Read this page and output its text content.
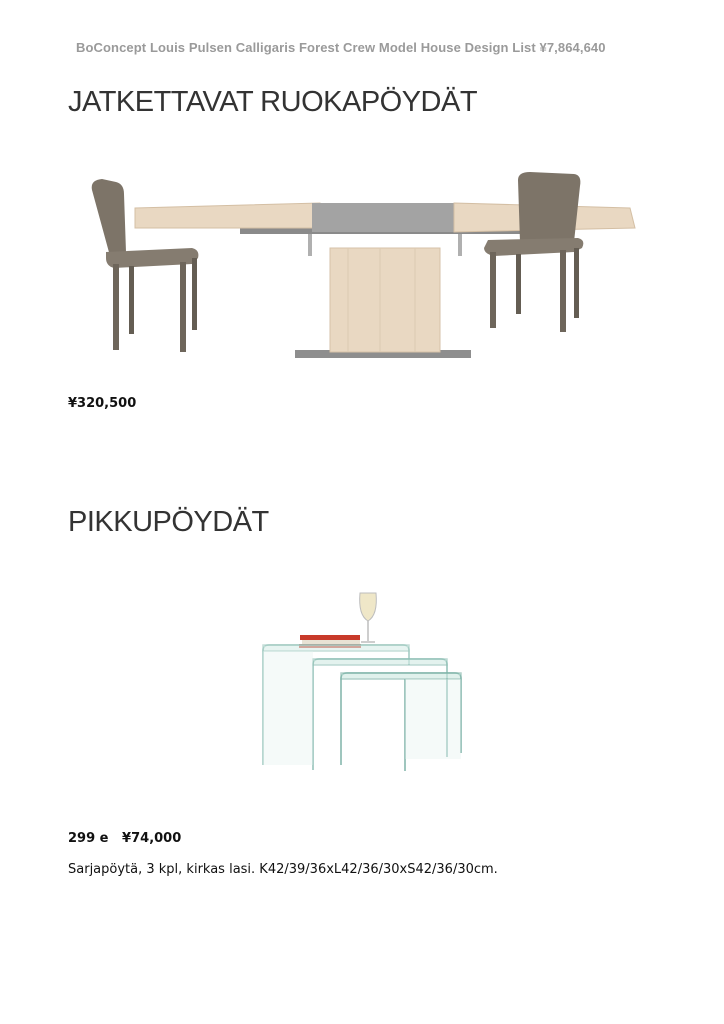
BoConcept Louis Pulsen Calligaris Forest Crew Model House Design List ¥7,864,640
JATKETTAVAT RUOKAPÖYDÄT
¥320,500
PIKKUPÖYDÄT
299 e   ¥74,000
Sarjapöytä, 3 kpl, kirkas lasi. K42/39/36xL42/36/30xS42/36/30cm.
